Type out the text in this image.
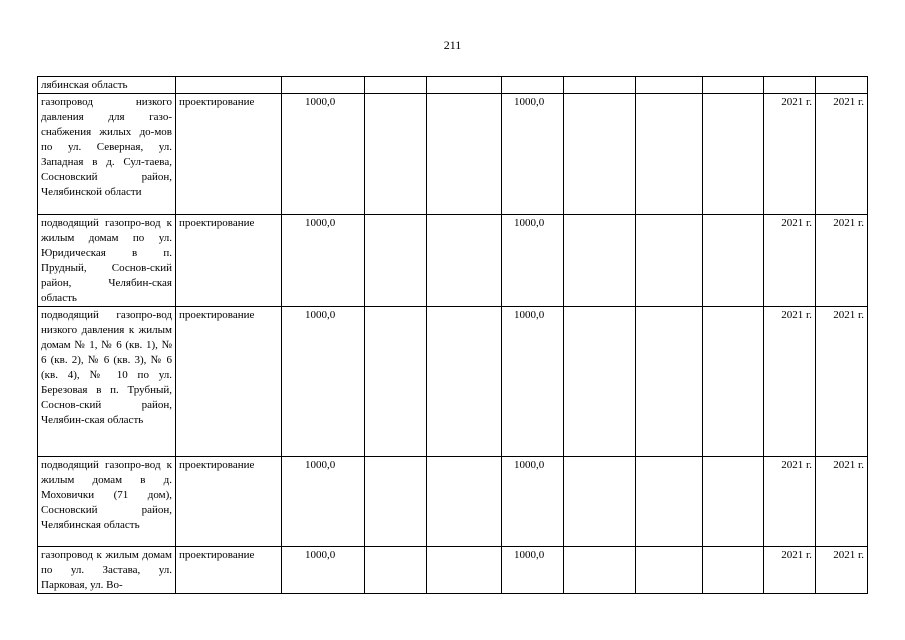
211
лябинская область										
газопровод низкого давления для газо-снабжения жилых до-мов по ул. Северная, ул. Западная в д. Сул-таева, Сосновский район, Челябинской области	проектирование	1000,0			1000,0				2021 г.	2021 г.
подводящий газопро-вод к жилым домам по ул. Юридическая в п. Прудный, Соснов-ский район, Челябин-ская область	проектирование	1000,0			1000,0				2021 г.	2021 г.
подводящий газопро-вод низкого давления к жилым домам № 1, № 6 (кв. 1), № 6 (кв. 2), № 6 (кв. 3), № 6 (кв. 4), № 10 по ул. Березовая в п. Трубный, Соснов-ский район, Челябин-ская область	проектирование	1000,0			1000,0				2021 г.	2021 г.
подводящий газопро-вод к жилым домам в д. Моховички (71 дом), Сосновский район, Челябинская область	проектирование	1000,0			1000,0				2021 г.	2021 г.
газопровод к жилым домам по ул. Застава, ул. Парковая, ул. Во-	проектирование	1000,0			1000,0				2021 г.	2021 г.
